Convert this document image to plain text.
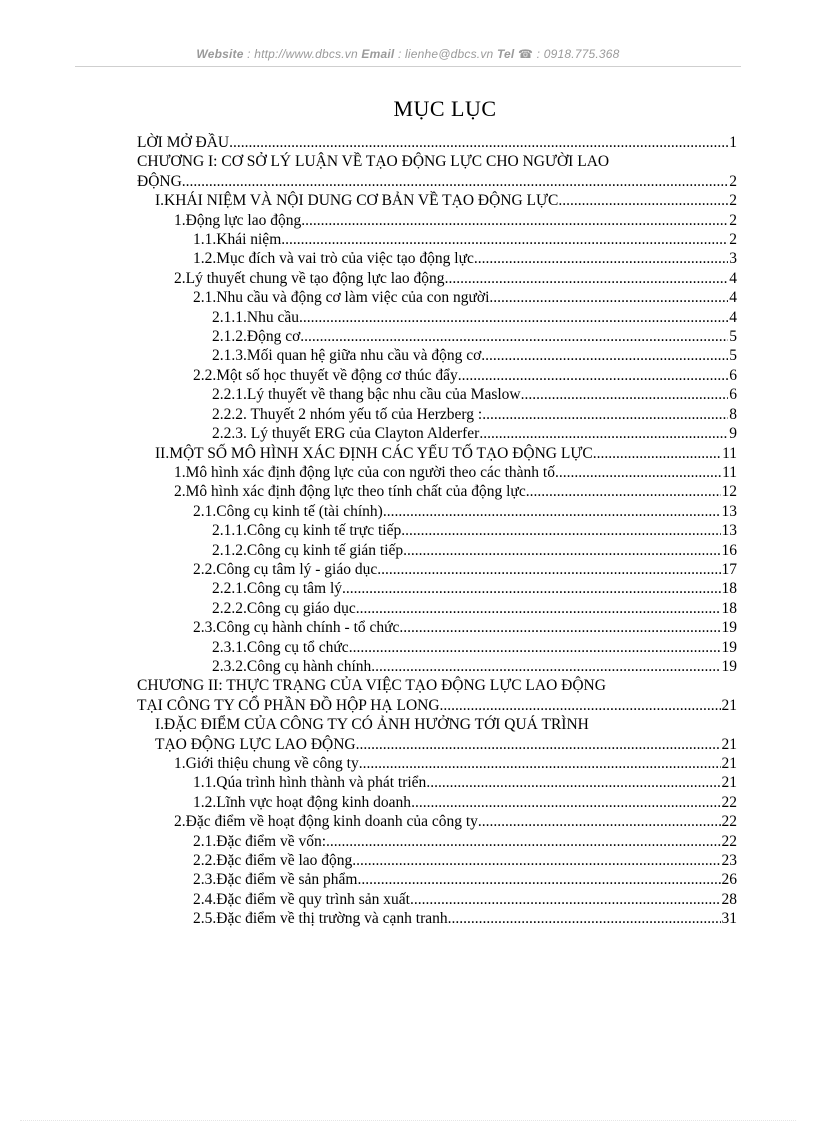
Website : http://www.dbcs.vn Email : lienhe@dbcs.vn Tel ☎ : 0918.775.368
MỤC LỤC
LỜI MỞ ĐẦU .....	1
CHƯƠNG I: CƠ SỞ LÝ LUẬN VỀ TẠO ĐỘNG LỰC CHO NGƯỜI LAO
ĐỘNG .....	2
I.KHÁI NIỆM VÀ NỘI DUNG CƠ BẢN VỀ TẠO ĐỘNG LỰC .....	2
1.Động lực lao động .....	2
1.1.Khái niệm .....	2
1.2.Mục đích và vai trò của việc tạo động lực .....	3
2.Lý thuyết chung về tạo động lực lao động .....	4
2.1.Nhu cầu và động cơ làm việc của con người .....	4
2.1.1.Nhu cầu .....	4
2.1.2.Động cơ .....	5
2.1.3.Mối quan hệ giữa nhu cầu và động cơ .....	5
2.2.Một số học thuyết về động cơ thúc đẩy .....	6
2.2.1.Lý thuyết về thang bậc nhu cầu của Maslow .....	6
2.2.2. Thuyết 2 nhóm yếu tố của Herzberg : .....	8
2.2.3. Lý thuyết ERG của Clayton Alderfer .....	9
II.MỘT SỐ MÔ HÌNH XÁC ĐỊNH CÁC YẾU TỐ TẠO ĐỘNG LỰC .....	11
1.Mô hình xác định động lực của con người theo các thành tố .....	11
2.Mô hình xác định động lực theo tính chất của động lực .....	12
2.1.Công cụ kinh tế (tài chính) .....	13
2.1.1.Công cụ kinh tế trực tiếp .....	13
2.1.2.Công cụ kinh tế gián tiếp .....	16
2.2.Công cụ tâm lý - giáo dục .....	17
2.2.1.Công cụ tâm lý .....	18
2.2.2.Công cụ giáo dục .....	18
2.3.Công cụ hành chính - tổ chức .....	19
2.3.1.Công cụ tổ chức .....	19
2.3.2.Công cụ hành chính .....	19
CHƯƠNG II: THỰC TRẠNG CỦA VIỆC TẠO ĐỘNG LỰC LAO ĐỘNG
TẠI CÔNG TY CỔ PHẦN ĐỒ HỘP HẠ LONG .....	21
I.ĐẶC ĐIỂM CỦA CÔNG TY CÓ ẢNH HƯỞNG TỚI QUÁ TRÌNH
TẠO ĐỘNG LỰC LAO ĐỘNG .....	21
1.Giới thiệu chung về công ty .....	21
1.1.Qúa trình hình thành và phát triển .....	21
1.2.Lĩnh vực hoạt động kinh doanh .....	22
2.Đặc điểm về hoạt động kinh doanh của công ty .....	22
2.1.Đặc điểm về vốn: .....	22
2.2.Đặc điểm về lao động .....	23
2.3.Đặc điểm về sản phẩm .....	26
2.4.Đặc điểm về quy trình sản xuất .....	28
2.5.Đặc điểm về thị trường và cạnh tranh .....	31
